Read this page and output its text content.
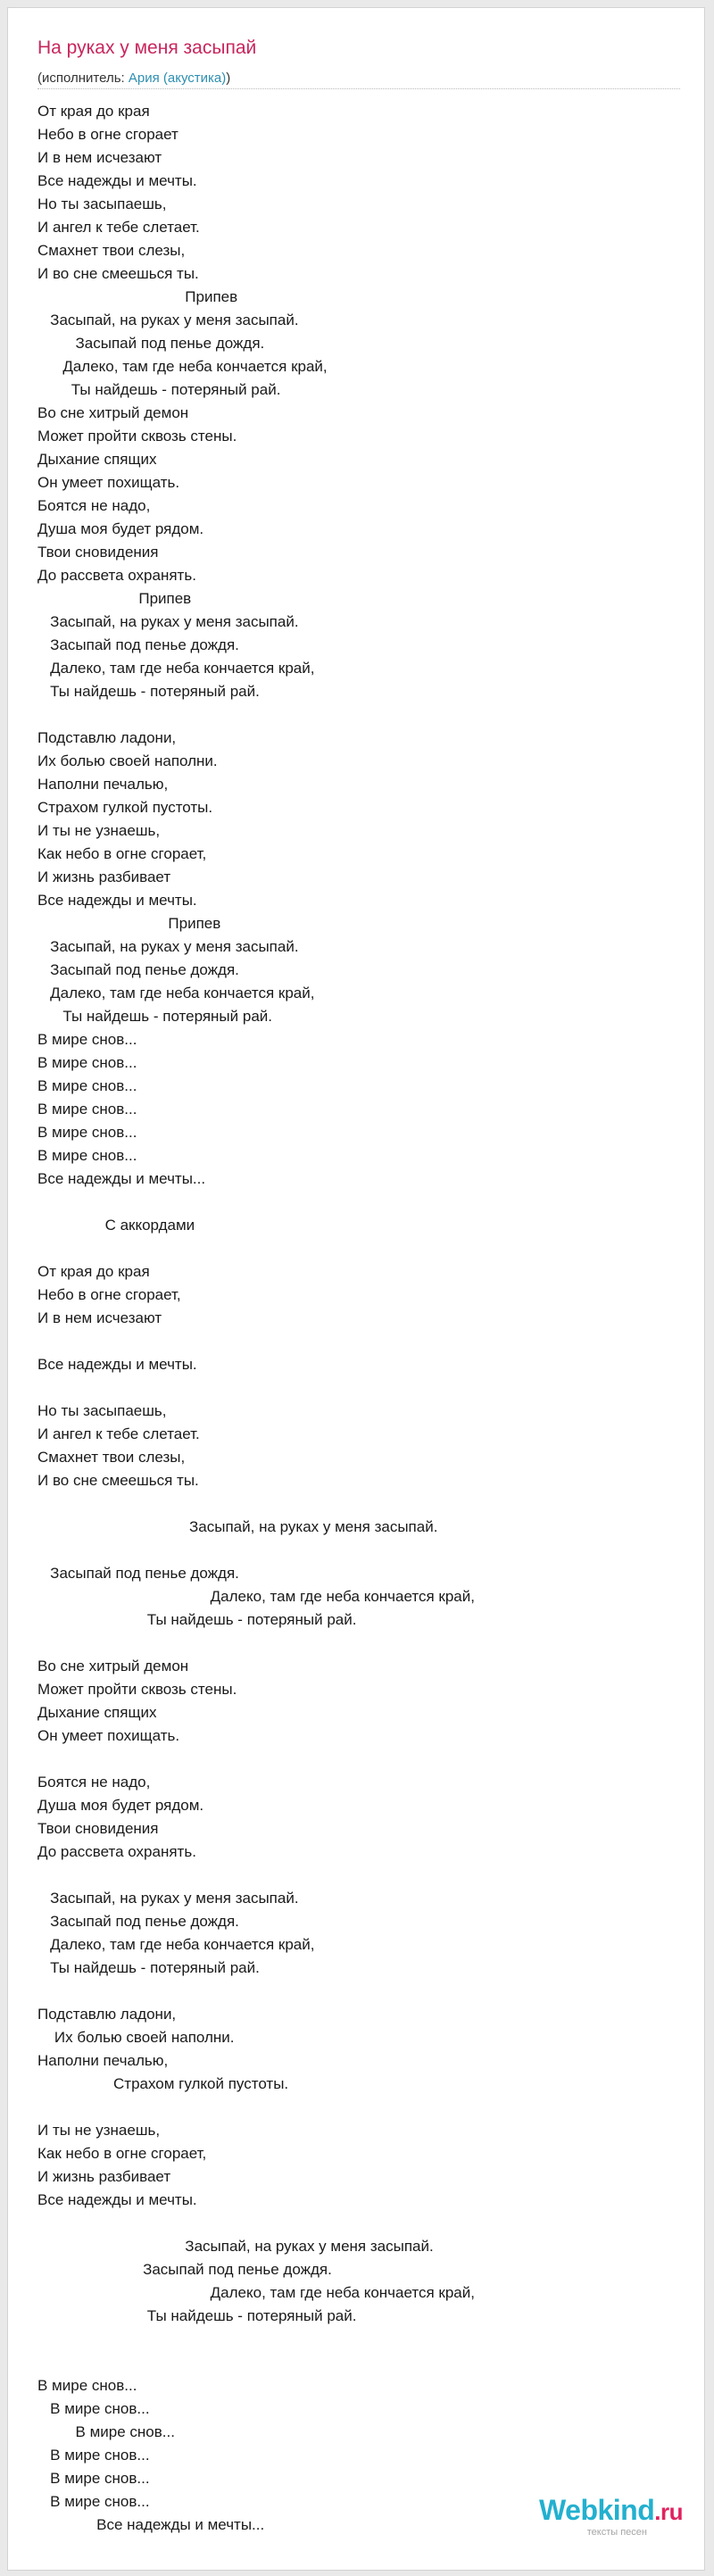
На руках у меня засыпай
(исполнитель: Ария (акустика))
От края до края
Небо в огне сгорает
И в нем исчезают
Все надежды и мечты.
Но ты засыпаешь,
И ангел к тебе слетает.
Смахнет твои слезы,
И во сне смеешься ты.
Припев
Засыпай, на руках у меня засыпай.
Засыпай под пенье дождя.
Далеко, там где неба кончается край,
Ты найдешь - потеряный рай.
Во сне хитрый демон
Может пройти сквозь стены.
Дыхание спящих
Он умеет похищать.
Боятся не надо,
Душа моя будет рядом.
Твои сновидения
До рассвета охранять.
Припев
Засыпай, на руках у меня засыпай.
Засыпай под пенье дождя.
Далеко, там где неба кончается край,
Ты найдешь - потеряный рай.

Подставлю ладони,
Их болью своей наполни.
Наполни печалью,
Страхом гулкой пустоты.
И ты не узнаешь,
Как небо в огне сгорает,
И жизнь разбивает
Все надежды и мечты.
Припев
Засыпай, на руках у меня засыпай.
Засыпай под пенье дождя.
Далеко, там где неба кончается край,
Ты найдешь - потеряный рай.
В мире снов...
В мире снов...
В мире снов...
В мире снов...
В мире снов...
В мире снов...
Все надежды и мечты...

С аккордами

От края до края
Небо в огне сгорает,
И в нем исчезают

Все надежды и мечты.

Но ты засыпаешь,
И ангел к тебе слетает.
Смахнет твои слезы,
И во сне смеешься ты.

Засыпай, на руках у меня засыпай.

Засыпай под пенье дождя.
Далеко, там где неба кончается край,
Ты найдешь - потеряный рай.

Во сне хитрый демон
Может пройти сквозь стены.
Дыхание спящих
Он умеет похищать.

Боятся не надо,
Душа моя будет рядом.
Твои сновидения
До рассвета охранять.

Засыпай, на руках у меня засыпай.
Засыпай под пенье дождя.
Далеко, там где неба кончается край,
Ты найдешь - потеряный рай.

Подставлю ладони,
Их болью своей наполни.
Наполни печалью,
Страхом гулкой пустоты.

И ты не узнаешь,
Как небо в огне сгорает,
И жизнь разбивает
Все надежды и мечты.

Засыпай, на руках у меня засыпай.
Засыпай под пенье дождя.
Далеко, там где неба кончается край,
Ты найдешь - потеряный рай.

В мире снов...
В мире снов...
В мире снов...
В мире снов...
В мире снов...
В мире снов...
Все надежды и мечты...	Webkind.ru
тексты песен
